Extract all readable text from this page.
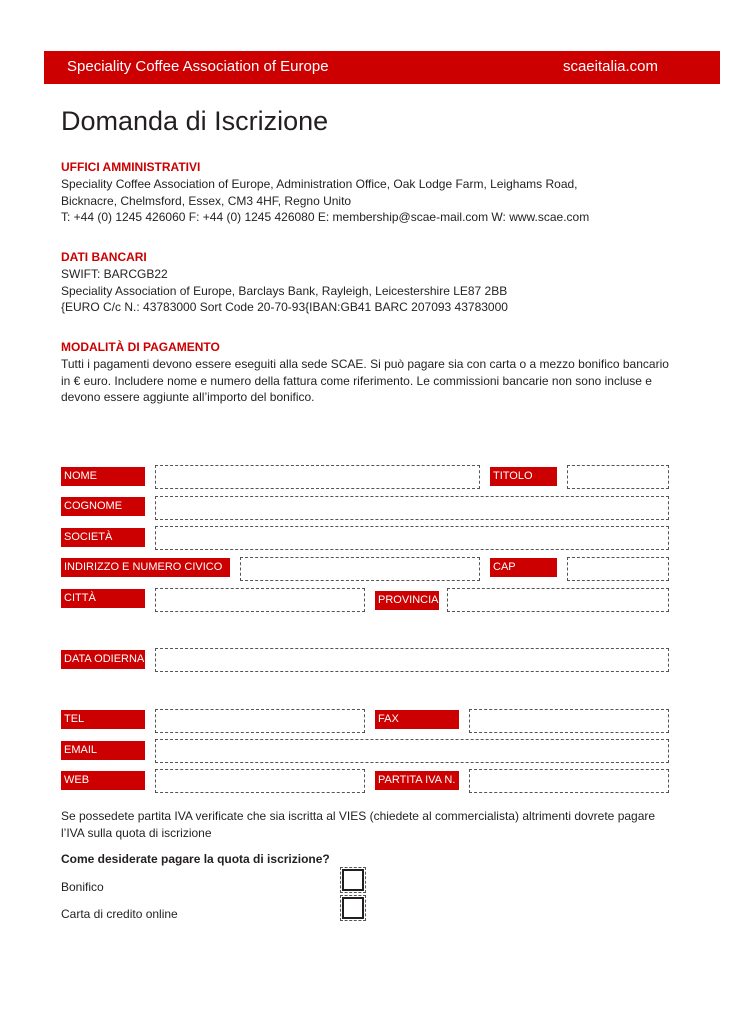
Speciality Coffee Association of Europe	scaeitalia.com
Domanda di Iscrizione
UFFICI AMMINISTRATIVI
Speciality Coffee Association of Europe, Administration Office, Oak Lodge Farm, Leighams Road,
Bicknacre, Chelmsford, Essex, CM3 4HF, Regno Unito
T: +44 (0) 1245 426060 F: +44 (0) 1245 426080 E: membership@scae-mail.com W: www.scae.com
DATI BANCARI
SWIFT: BARCGB22
Speciality Association of Europe, Barclays Bank, Rayleigh, Leicestershire LE87 2BB
{EURO C/c N.: 43783000 Sort Code 20-70-93{IBAN:GB41 BARC 207093 43783000
MODALITÀ DI PAGAMENTO
Tutti i pagamenti devono essere eseguiti alla sede SCAE. Si può pagare sia con carta o a mezzo bonifico bancario
in € euro. Includere nome e numero della fattura come riferimento. Le commissioni bancarie non sono incluse e
devono essere aggiunte all’importo del bonifico.
NOME	TITOLO
COGNOME
SOCIETÀ
INDIRIZZO E NUMERO CIVICO	CAP
CITTÀ	PROVINCIA
DATA ODIERNA
TEL	FAX
EMAIL
WEB	PARTITA IVA N.
Se possedete partita IVA verificate che sia iscritta al VIES (chiedete al commercialista) altrimenti dovrete pagare
l’IVA sulla quota di iscrizione
Come desiderate pagare la quota di iscrizione?
Bonifico
Carta di credito online
